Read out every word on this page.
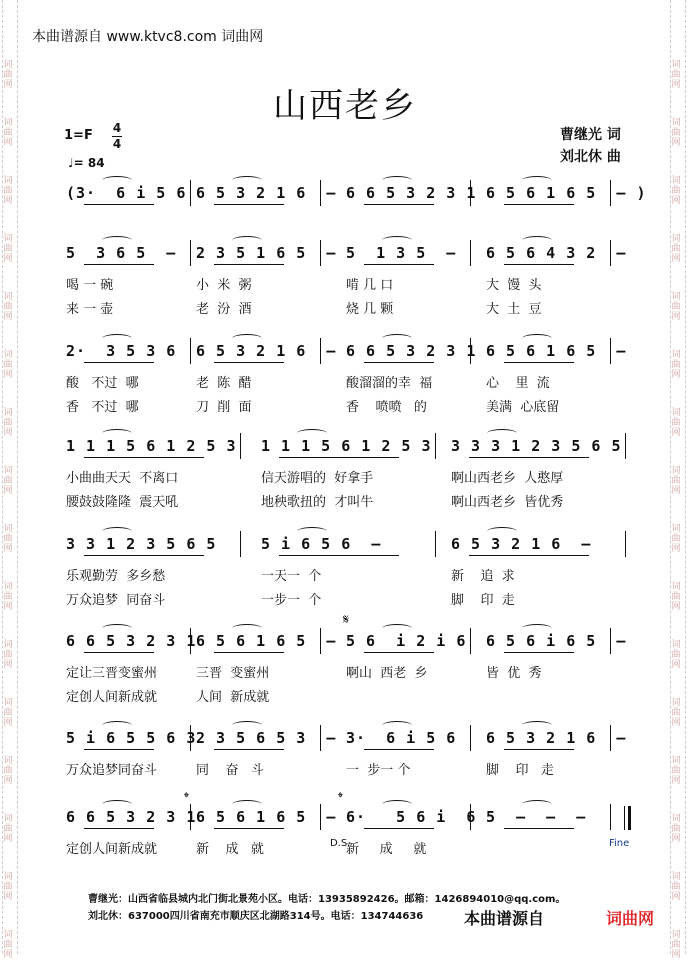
词曲网
词曲网
词曲网
词曲网
词曲网
词曲网
词曲网
词曲网
词曲网
词曲网
词曲网
词曲网
词曲网
词曲网
词曲网
词曲网
词曲网
词曲网
词曲网
词曲网
词曲网
词曲网
词曲网
词曲网
词曲网
词曲网
词曲网
词曲网
词曲网
词曲网
词曲网
词曲网
本曲谱源自 www.ktvc8.com 词曲网
山西老乡
1=F 4
4
♩= 84
曹继光 词
刘北休 曲
(3·  6 i 5 6 6 5 3 2 1 6  – 6 6 5 3 2 3 1 6 5 6 1 6 5  – )
5  3 6 5  – 2 3 5 1 6 5  – 5  1 3 5  – 6 5 6 4 3 2  –
喝 一 碗	小  米  粥	啃 几 口	大  馒  头
来 一 壶	老  汾  酒	烧 几 颗	大  土  豆
2·  3 5 3 6 6 5 3 2 1 6  – 6 6 5 3 2 3 1 6 5 6 1 6 5  –
酸   不过  哪	老  陈  醋	酸溜溜的幸  福	心    里  流
香   不过  哪	刀  削  面	香    喷喷   的	美满  心底留
1 1 1 5 6 1 2 5 3 1 1 1 5 6 1 2 5 3 3 3 3 1 2 3 5 6 5
小曲曲天天  不离口	信天游唱的  好拿手	啊山西老乡  人憨厚
腰鼓鼓隆隆  震天吼	地秧歌扭的  才叫牛	啊山西老乡  皆优秀
3 3 1 2 3 5 6 5	5 i 6 5 6  –	6 5 3 2 1 6  –
乐观勤劳  多乡愁	一天一  个	新    追  求
万众追梦  同奋斗	一步一  个	脚    印  走
6 6 5 3 2 3 1 6 5 6 1 6 5  – 5 6  i 2 i 6 6 5 6 i 6 5  –
定让三晋变蜜州	三晋  变蜜州	啊山  西老  乡	皆  优  秀
定创人间新成就	人间  新成就
5 i 6 5 5 6 3 2 3 5 6 5 3  – 3·  6 i 5 6 6 5 3 2 1 6  –
万众追梦同奋斗	同    奋   斗	一  步一 个	脚    印   走
6 6 5 3 2 3 1 6 5 6 1 6 5  – 6·   5 6 i  6 5  –  –  –
定创人间新成就	新    成   就	新     成     就
𝄋
𝄌	𝄌
D.S.	Fine
曹继光：山西省临县城内北门街北景苑小区。电话：13935892426。邮箱：1426894010@qq.com。
刘北休：637000四川省南充市顺庆区北湖路314号。电话：134744636	本曲谱源自	词曲网
